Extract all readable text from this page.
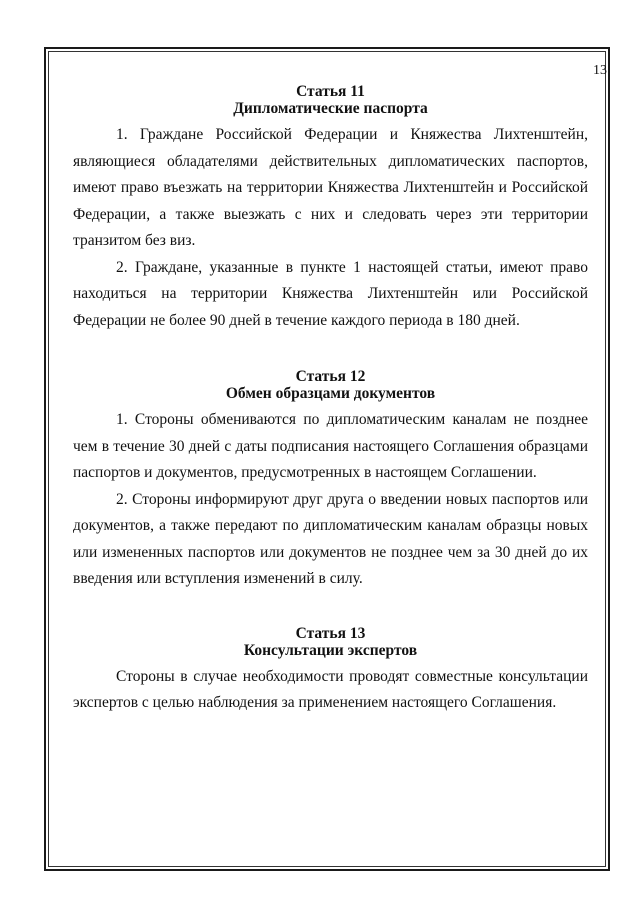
13

Статья 11

Дипломатические паспорта

1. Граждане Российской Федерации и Княжества Лихтенштейн, являющиеся обладателями действительных дипломатических паспортов, имеют право въезжать на территории Княжества Лихтенштейн и Российской Федерации, а также выезжать с них и следовать через эти территории транзитом без виз.

2. Граждане, указанные в пункте 1 настоящей статьи, имеют право находиться на территории Княжества Лихтенштейн или Российской Федерации не более 90 дней в течение каждого периода в 180 дней.

Статья 12

Обмен образцами документов

1. Стороны обмениваются по дипломатическим каналам не позднее чем в течение 30 дней с даты подписания настоящего Соглашения образцами паспортов и документов, предусмотренных в настоящем Соглашении.

2. Стороны информируют друг друга о введении новых паспортов или документов, а также передают по дипломатическим каналам образцы новых или измененных паспортов или документов не позднее чем за 30 дней до их введения или вступления изменений в силу.

Статья 13

Консультации экспертов

Стороны в случае необходимости проводят совместные консультации экспертов с целью наблюдения за применением настоящего Соглашения.
